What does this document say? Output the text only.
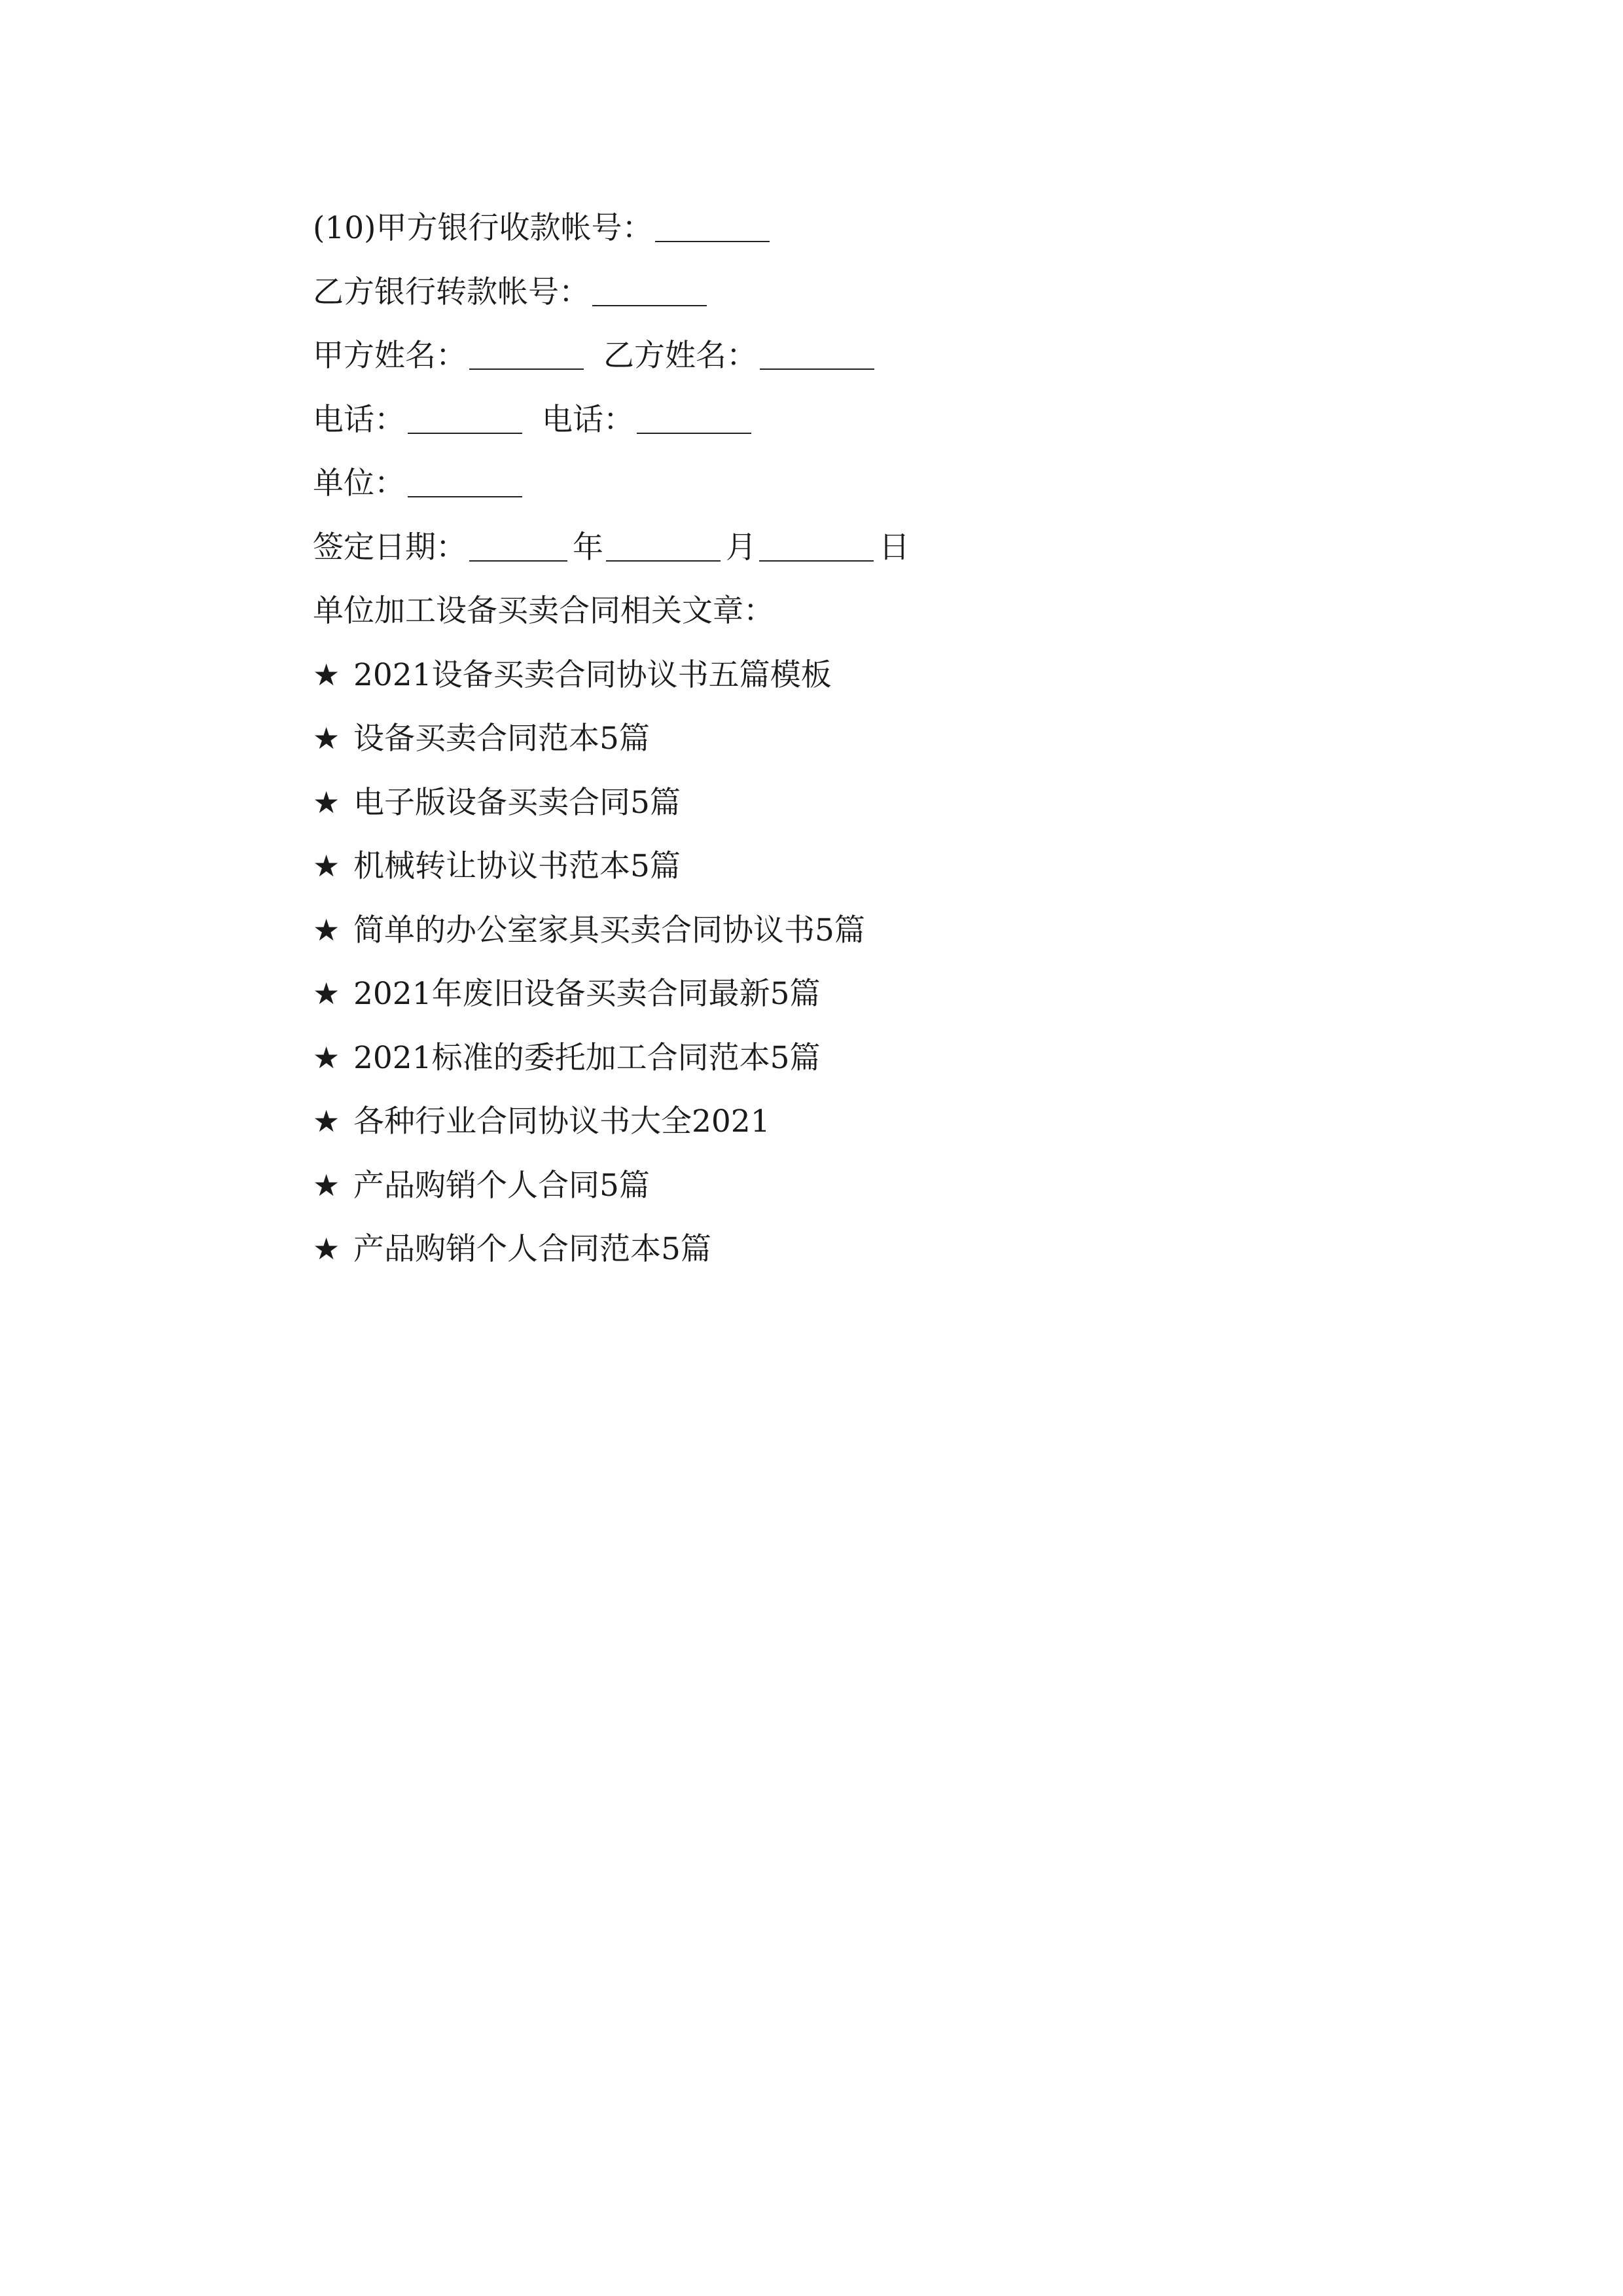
(10)甲方银行收款帐号：
乙方银行转款帐号：
甲方姓名：	乙方姓名：
电话：	电话：
单位：
签定日期：	年	月	日
单位加工设备买卖合同相关文章：
★ 2021设备买卖合同协议书五篇模板
★ 设备买卖合同范本5篇
★ 电子版设备买卖合同5篇
★ 机械转让协议书范本5篇
★ 简单的办公室家具买卖合同协议书5篇
★ 2021年废旧设备买卖合同最新5篇
★ 2021标准的委托加工合同范本5篇
★ 各种行业合同协议书大全2021
★ 产品购销个人合同5篇
★ 产品购销个人合同范本5篇
